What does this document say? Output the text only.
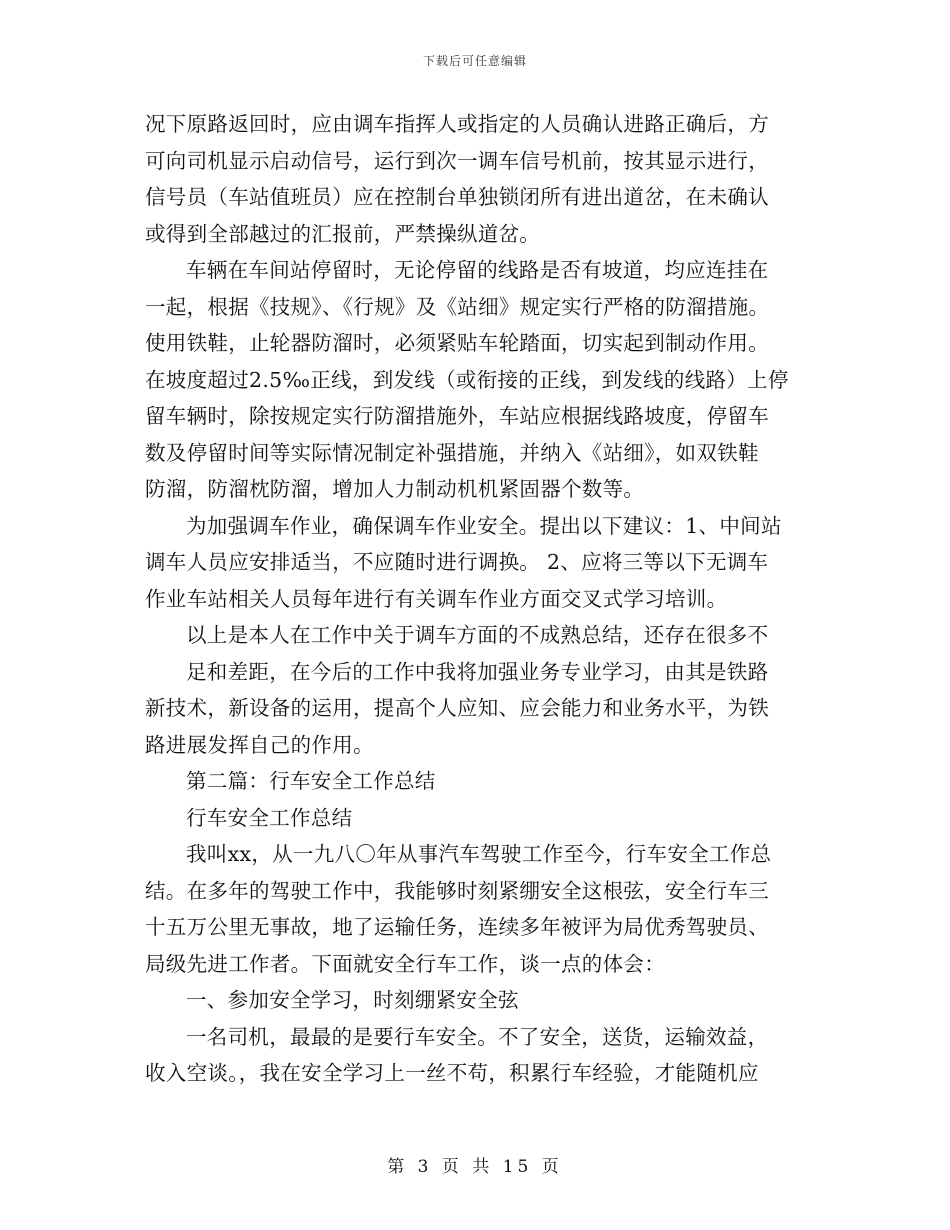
下载后可任意编辑
况下原路返回时，应由调车指挥人或指定的人员确认进路正确后，方
可向司机显示启动信号，运行到次一调车信号机前，按其显示进行，
信号员（车站值班员）应在控制台单独锁闭所有进出道岔，在未确认
或得到全部越过的汇报前，严禁操纵道岔。
车辆在车间站停留时，无论停留的线路是否有坡道，均应连挂在
一起，根据《技规》、《行规》及《站细》规定实行严格的防溜措施。
使用铁鞋，止轮器防溜时，必须紧贴车轮踏面，切实起到制动作用。
在坡度超过2.5‰正线，到发线（或衔接的正线，到发线的线路）上停
留车辆时，除按规定实行防溜措施外，车站应根据线路坡度，停留车
数及停留时间等实际情况制定补强措施，并纳入《站细》，如双铁鞋
防溜，防溜枕防溜，增加人力制动机机紧固器个数等。
为加强调车作业，确保调车作业安全。提出以下建议：1、中间站
调车人员应安排适当，不应随时进行调换。 2、应将三等以下无调车
作业车站相关人员每年进行有关调车作业方面交叉式学习培训。
以上是本人在工作中关于调车方面的不成熟总结，还存在很多不
足和差距，在今后的工作中我将加强业务专业学习，由其是铁路
新技术，新设备的运用，提高个人应知、应会能力和业务水平，为铁
路进展发挥自己的作用。
第二篇：行车安全工作总结
行车安全工作总结
我叫xx，从一九八〇年从事汽车驾驶工作至今，行车安全工作总
结。在多年的驾驶工作中，我能够时刻紧绷安全这根弦，安全行车三
十五万公里无事故，地了运输任务，连续多年被评为局优秀驾驶员、
局级先进工作者。下面就安全行车工作，谈一点的体会：
一、参加安全学习，时刻绷紧安全弦
一名司机，最最的是要行车安全。不了安全，送货，运输效益，
收入空谈。，我在安全学习上一丝不苟，积累行车经验，才能随机应
第 3 页 共 15 页
